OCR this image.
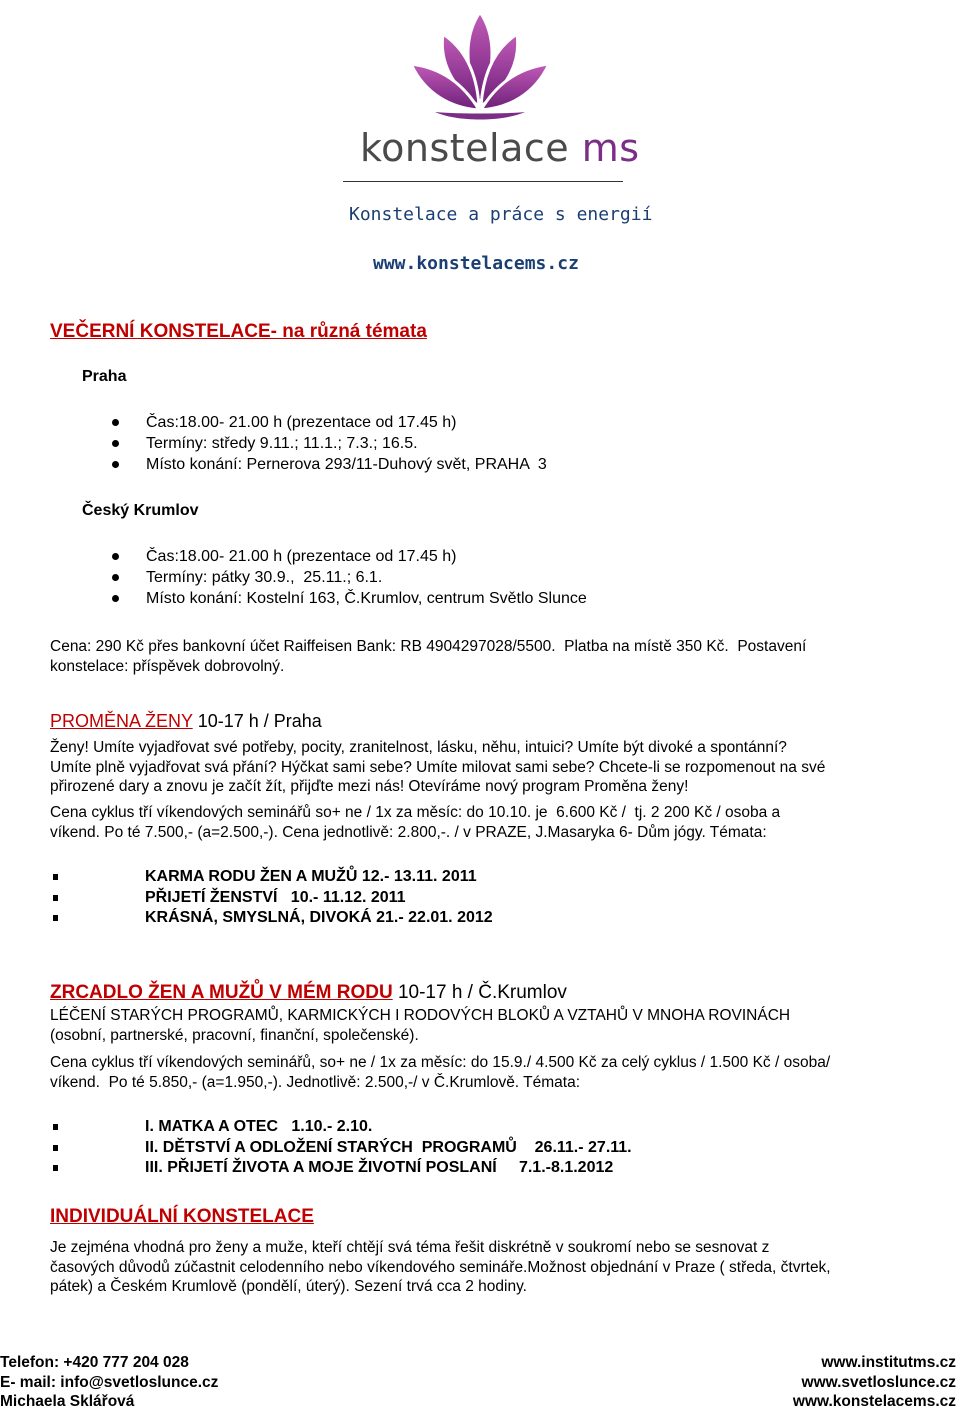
konstelace ms
Konstelace a práce s energií
www.konstelacems.cz
VEČERNÍ KONSTELACE- na různá témata
Praha
Čas:18.00- 21.00 h (prezentace od 17.45 h)
Termíny: středy 9.11.; 11.1.; 7.3.; 16.5.
Místo konání: Pernerova 293/11-Duhový svět, PRAHA  3
Český Krumlov
Čas:18.00- 21.00 h (prezentace od 17.45 h)
Termíny: pátky 30.9.,  25.11.; 6.1.
Místo konání: Kostelní 163, Č.Krumlov, centrum Světlo Slunce
Cena: 290 Kč přes bankovní účet Raiffeisen Bank: RB 4904297028/5500.  Platba na místě 350 Kč.  Postavení
konstelace: příspěvek dobrovolný.
PROMĚNA ŽENY 10-17 h / Praha
Ženy! Umíte vyjadřovat své potřeby, pocity, zranitelnost, lásku, něhu, intuici? Umíte být divoké a spontánní?
Umíte plně vyjadřovat svá přání? Hýčkat sami sebe? Umíte milovat sami sebe? Chcete-li se rozpomenout na své
přirozené dary a znovu je začít žít, přijďte mezi nás! Otevíráme nový program Proměna ženy!
Cena cyklus tří víkendových seminářů so+ ne / 1x za měsíc: do 10.10. je  6.600 Kč /  tj. 2 200 Kč / osoba a
víkend. Po té 7.500,- (a=2.500,-). Cena jednotlivě: 2.800,-. / v PRAZE, J.Masaryka 6- Dům jógy. Témata:
KARMA RODU ŽEN A MUŽŮ 12.- 13.11. 2011
PŘIJETÍ ŽENSTVÍ   10.- 11.12. 2011
KRÁSNÁ, SMYSLNÁ, DIVOKÁ 21.- 22.01. 2012
ZRCADLO ŽEN A MUŽŮ V MÉM RODU 10-17 h / Č.Krumlov
LÉČENÍ STARÝCH PROGRAMŮ, KARMICKÝCH I RODOVÝCH BLOKŮ A VZTAHŮ V MNOHA ROVINÁCH
(osobní, partnerské, pracovní, finanční, společenské).
Cena cyklus tří víkendových seminářů, so+ ne / 1x za měsíc: do 15.9./ 4.500 Kč za celý cyklus / 1.500 Kč / osoba/
víkend.  Po té 5.850,- (a=1.950,-). Jednotlivě: 2.500,-/ v Č.Krumlově. Témata:
I. MATKA A OTEC   1.10.- 2.10.
II. DĚTSTVÍ A ODLOŽENÍ STARÝCH  PROGRAMŮ    26.11.- 27.11.
III. PŘIJETÍ ŽIVOTA A MOJE ŽIVOTNÍ POSLANÍ     7.1.-8.1.2012
INDIVIDUÁLNÍ KONSTELACE
Je zejména vhodná pro ženy a muže, kteří chtějí svá téma řešit diskrétně v soukromí nebo se sesnovat z
časových důvodů zúčastnit celodenního nebo víkendového semináře.Možnost objednání v Praze ( středa, čtvrtek,
pátek) a Českém Krumlově (pondělí, úterý). Sezení trvá cca 2 hodiny.
Telefon: +420 777 204 028
E- mail: info@svetloslunce.cz
Michaela Sklářová
www.institutms.cz
www.svetloslunce.cz
www.konstelacems.cz
